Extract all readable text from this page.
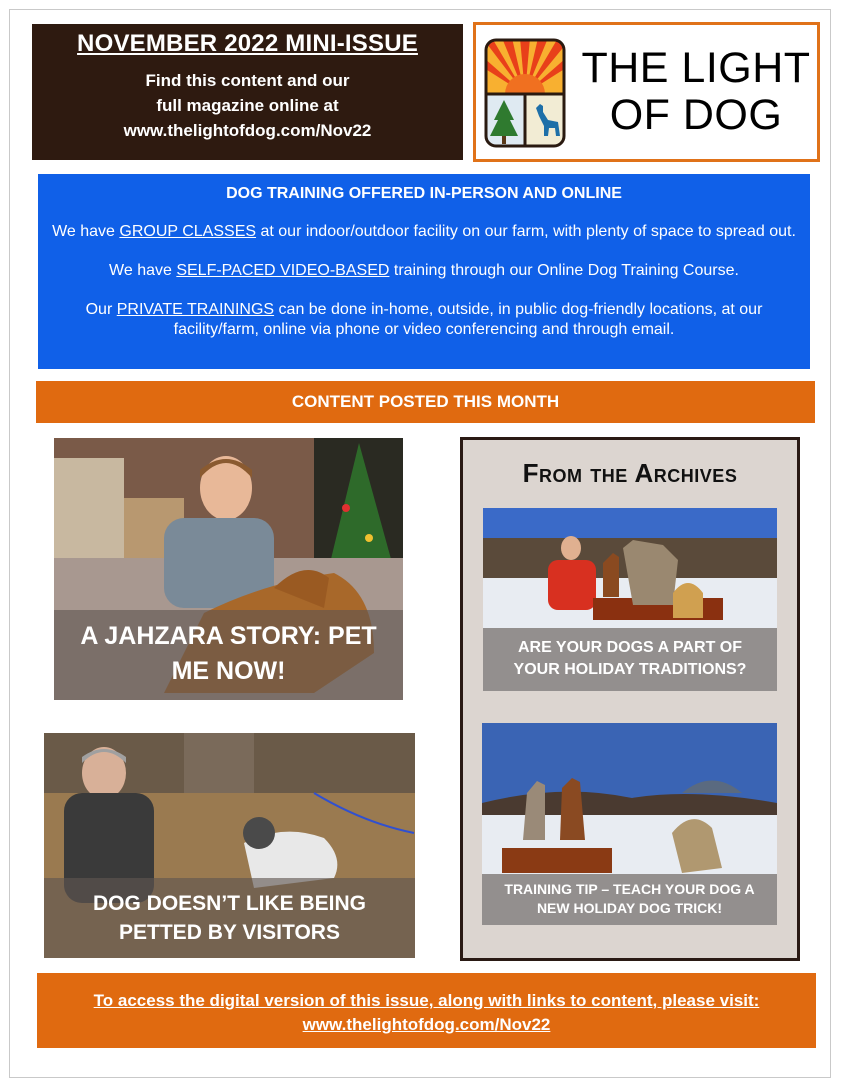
NOVEMBER 2022 MINI-ISSUE
Find this content and our
full magazine online at
www.thelightofdog.com/Nov22
THE LIGHT
OF DOG
DOG TRAINING OFFERED IN-PERSON AND ONLINE
We have GROUP CLASSES at our indoor/outdoor facility on our farm, with plenty of space to spread out.
We have SELF-PACED VIDEO-BASED training through our Online Dog Training Course.
Our PRIVATE TRAININGS can be done in-home, outside, in public dog-friendly locations, at our facility/farm, online via phone or video conferencing and through email.
CONTENT POSTED THIS MONTH
A JAHZARA STORY: PET
ME NOW!
DOG DOESN’T LIKE BEING
PETTED BY VISITORS
From the Archives
ARE YOUR DOGS A PART OF
YOUR HOLIDAY TRADITIONS?
TRAINING TIP – TEACH YOUR DOG A
NEW HOLIDAY DOG TRICK!
To access the digital version of this issue, along with links to content, please visit:
www.thelightofdog.com/Nov22
